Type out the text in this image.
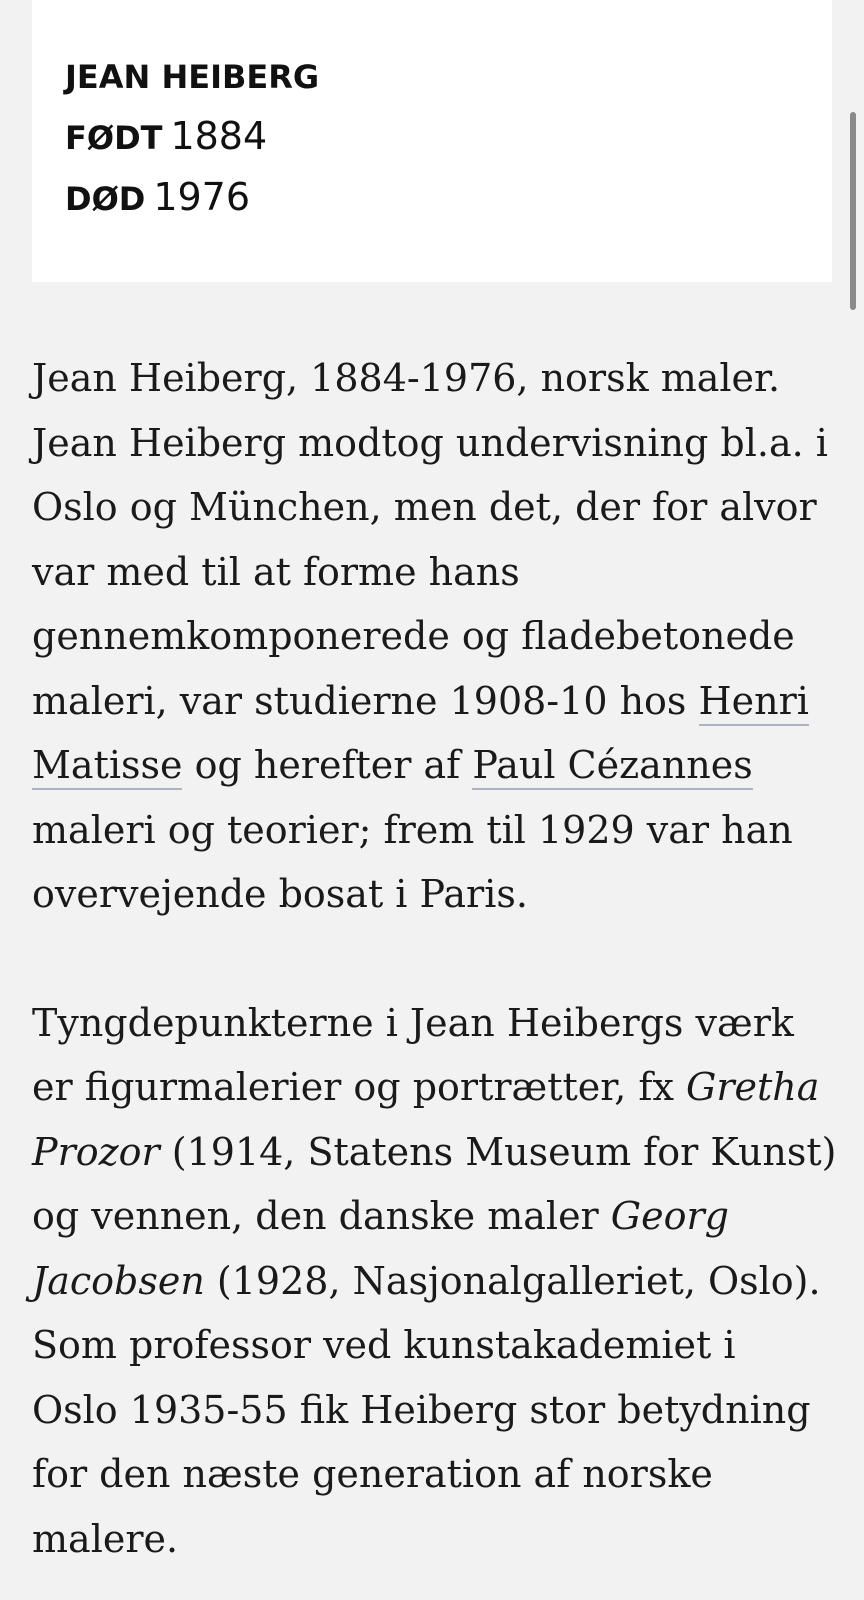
JEAN HEIBERG
FØDT 1884
DØD 1976

Jean Heiberg, 1884-1976, norsk maler.
Jean Heiberg modtog undervisning bl.a. i
Oslo og München, men det, der for alvor
var med til at forme hans
gennemkomponerede og fladebetonede
maleri, var studierne 1908-10 hos Henri
Matisse og herefter af Paul Cézannes
maleri og teorier; frem til 1929 var han
overvejende bosat i Paris.

Tyngdepunkterne i Jean Heibergs værk
er figurmalerier og portrætter, fx Gretha
Prozor (1914, Statens Museum for Kunst)
og vennen, den danske maler Georg
Jacobsen (1928, Nasjonalgalleriet, Oslo).
Som professor ved kunstakademiet i
Oslo 1935-55 fik Heiberg stor betydning
for den næste generation af norske
malere.
